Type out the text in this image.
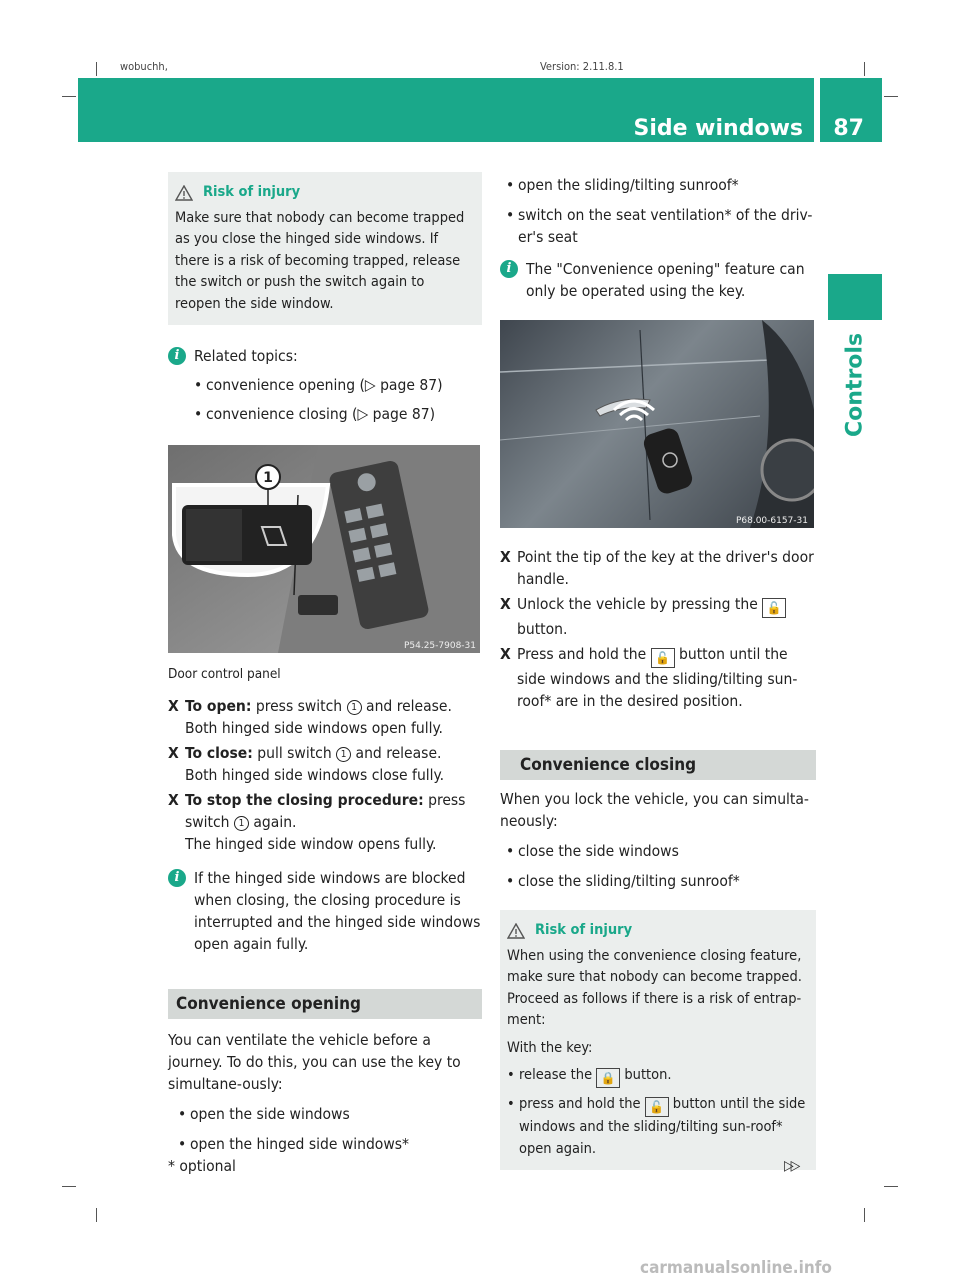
wobuchh,	Version: 2.11.8.1
Side windows 87
Controls
Risk of injury

Make sure that nobody can become trapped as you close the hinged side windows. If there is a risk of becoming trapped, release the switch or push the switch again to reopen the side window.

i Related topics:

• convenience opening (▷ page 87)
• convenience closing (▷ page 87)
1
P54.25-7908-31

Door control panel

X To open: press switch 1 and release.
Both hinged side windows open fully.
X To close: pull switch 1 and release.
Both hinged side windows close fully.
X To stop the closing procedure: press switch 1 again.
The hinged side window opens fully.
i If the hinged side windows are blocked when closing, the closing procedure is interrupted and the hinged side windows open again fully.

Convenience opening

You can ventilate the vehicle before a journey. To do this, you can use the key to simultane-ously:

• open the side windows
• open the hinged side windows*
• open the sliding/tilting sunroof*
• switch on the seat ventilation* of the driv-er's seat
i The "Convenience opening" feature can only be operated using the key.

P68.00-6157-31
X Point the tip of the key at the driver's door handle.
X Unlock the vehicle by pressing the 🔓
button.
X Press and hold the 🔓 button until the side windows and the sliding/tilting sun-roof* are in the desired position.
Convenience closing

When you lock the vehicle, you can simulta-neously:

• close the side windows
• close the sliding/tilting sunroof*
Risk of injury

When using the convenience closing feature, make sure that nobody can become trapped. Proceed as follows if there is a risk of entrap-ment:

With the key:

• release the 🔒 button.
• press and hold the 🔓 button until the side windows and the sliding/tilting sun-roof* open again.
* optional	▷▷
carmanualsonline.info
